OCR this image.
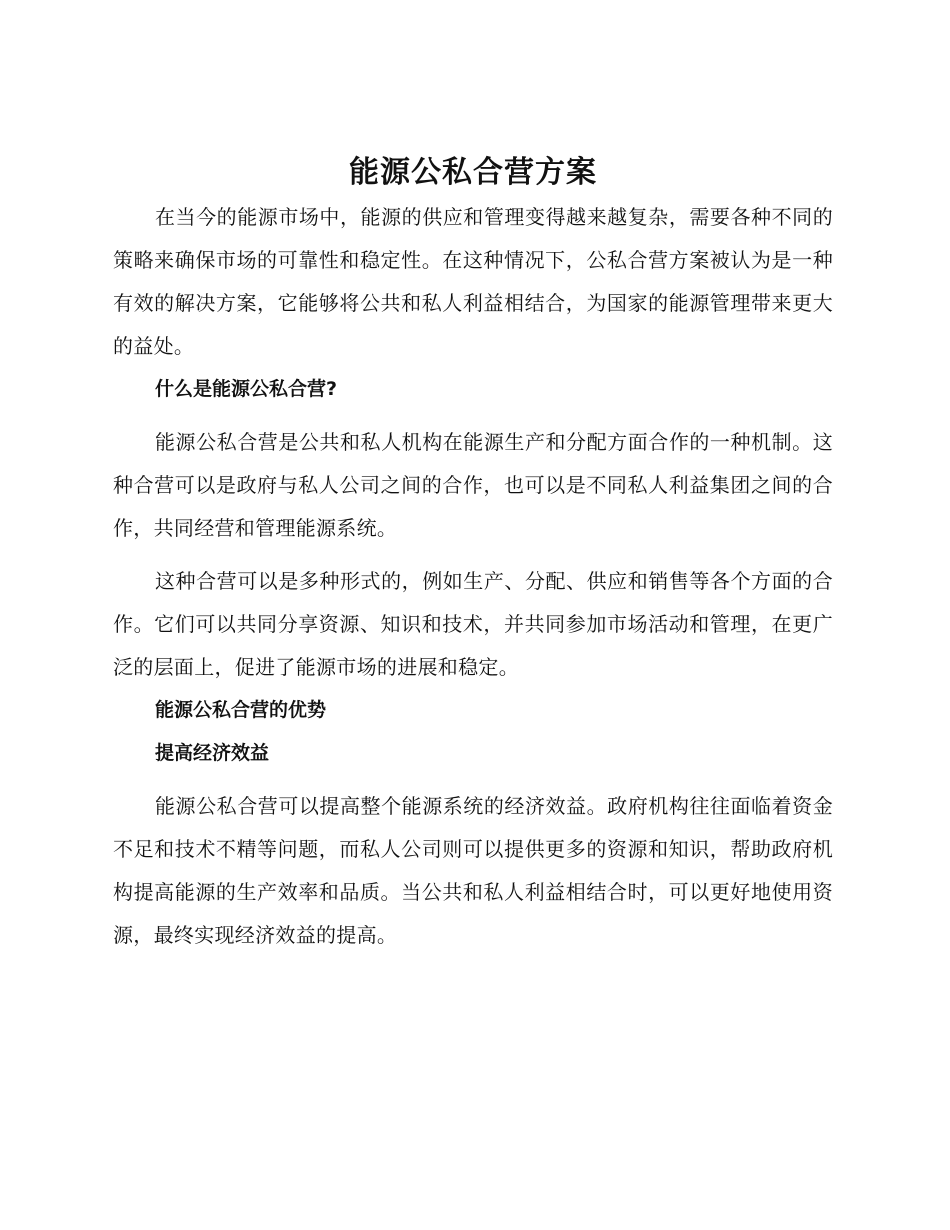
能源公私合营方案

在当今的能源市场中，能源的供应和管理变得越来越复杂，需要各种不同的策略来确保市场的可靠性和稳定性。在这种情况下，公私合营方案被认为是一种有效的解决方案，它能够将公共和私人利益相结合，为国家的能源管理带来更大的益处。

什么是能源公私合营?

能源公私合营是公共和私人机构在能源生产和分配方面合作的一种机制。这种合营可以是政府与私人公司之间的合作，也可以是不同私人利益集团之间的合作，共同经营和管理能源系统。

这种合营可以是多种形式的，例如生产、分配、供应和销售等各个方面的合作。它们可以共同分享资源、知识和技术，并共同参加市场活动和管理，在更广泛的层面上，促进了能源市场的进展和稳定。

能源公私合营的优势
提高经济效益

能源公私合营可以提高整个能源系统的经济效益。政府机构往往面临着资金不足和技术不精等问题，而私人公司则可以提供更多的资源和知识，帮助政府机构提高能源的生产效率和品质。当公共和私人利益相结合时，可以更好地使用资源，最终实现经济效益的提高。
